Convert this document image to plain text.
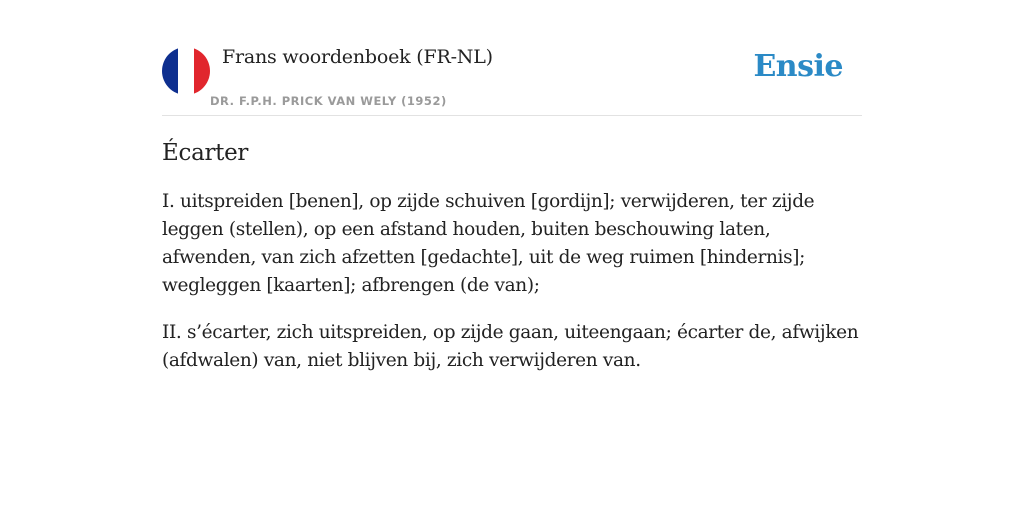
Frans woordenboek (FR-NL)
DR. F.P.H. PRICK VAN WELY (1952)
Ensie
Écarter

I. uitspreiden [benen], op zijde schuiven [gordijn]; verwijderen, ter zijde leggen (stellen), op een afstand houden, buiten beschouwing laten, afwenden, van zich afzetten [gedachte], uit de weg ruimen [hindernis]; wegleggen [kaarten]; afbrengen (de van);

II. s’écarter, zich uitspreiden, op zijde gaan, uiteengaan; écarter de, afwijken (afdwalen) van, niet blijven bij, zich verwijderen van.
